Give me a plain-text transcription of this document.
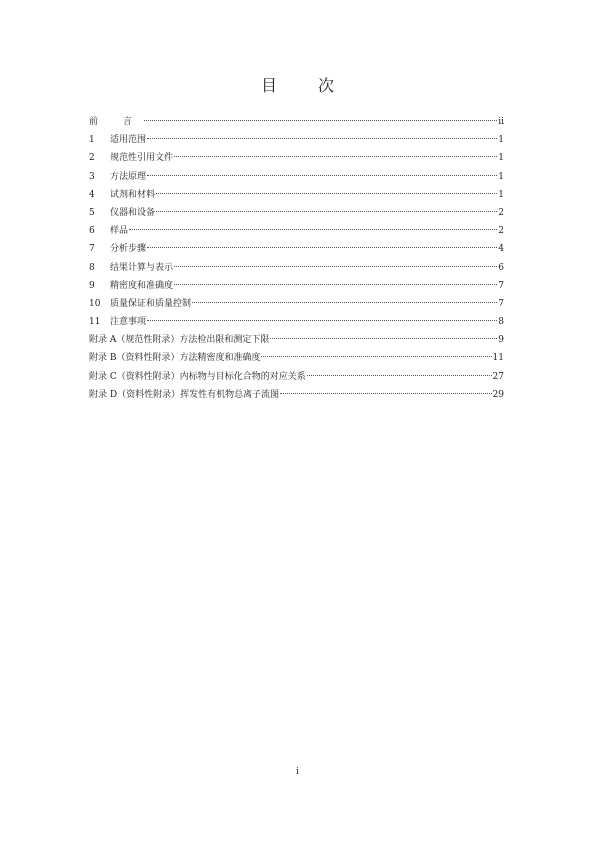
目 次
前 言	ii
1	适用范围	1
2	规范性引用文件	1
3	方法原理	1
4	试剂和材料	1
5	仪器和设备	2
6	样品	2
7	分析步骤	4
8	结果计算与表示	6
9	精密度和准确度	7
10	质量保证和质量控制	7
11	注意事项	8
附录 A（规范性附录）方法检出限和测定下限	9
附录 B（资料性附录）方法精密度和准确度	11
附录 C（资料性附录）内标物与目标化合物的对应关系	27
附录 D（资料性附录）挥发性有机物总离子流图	29
i
